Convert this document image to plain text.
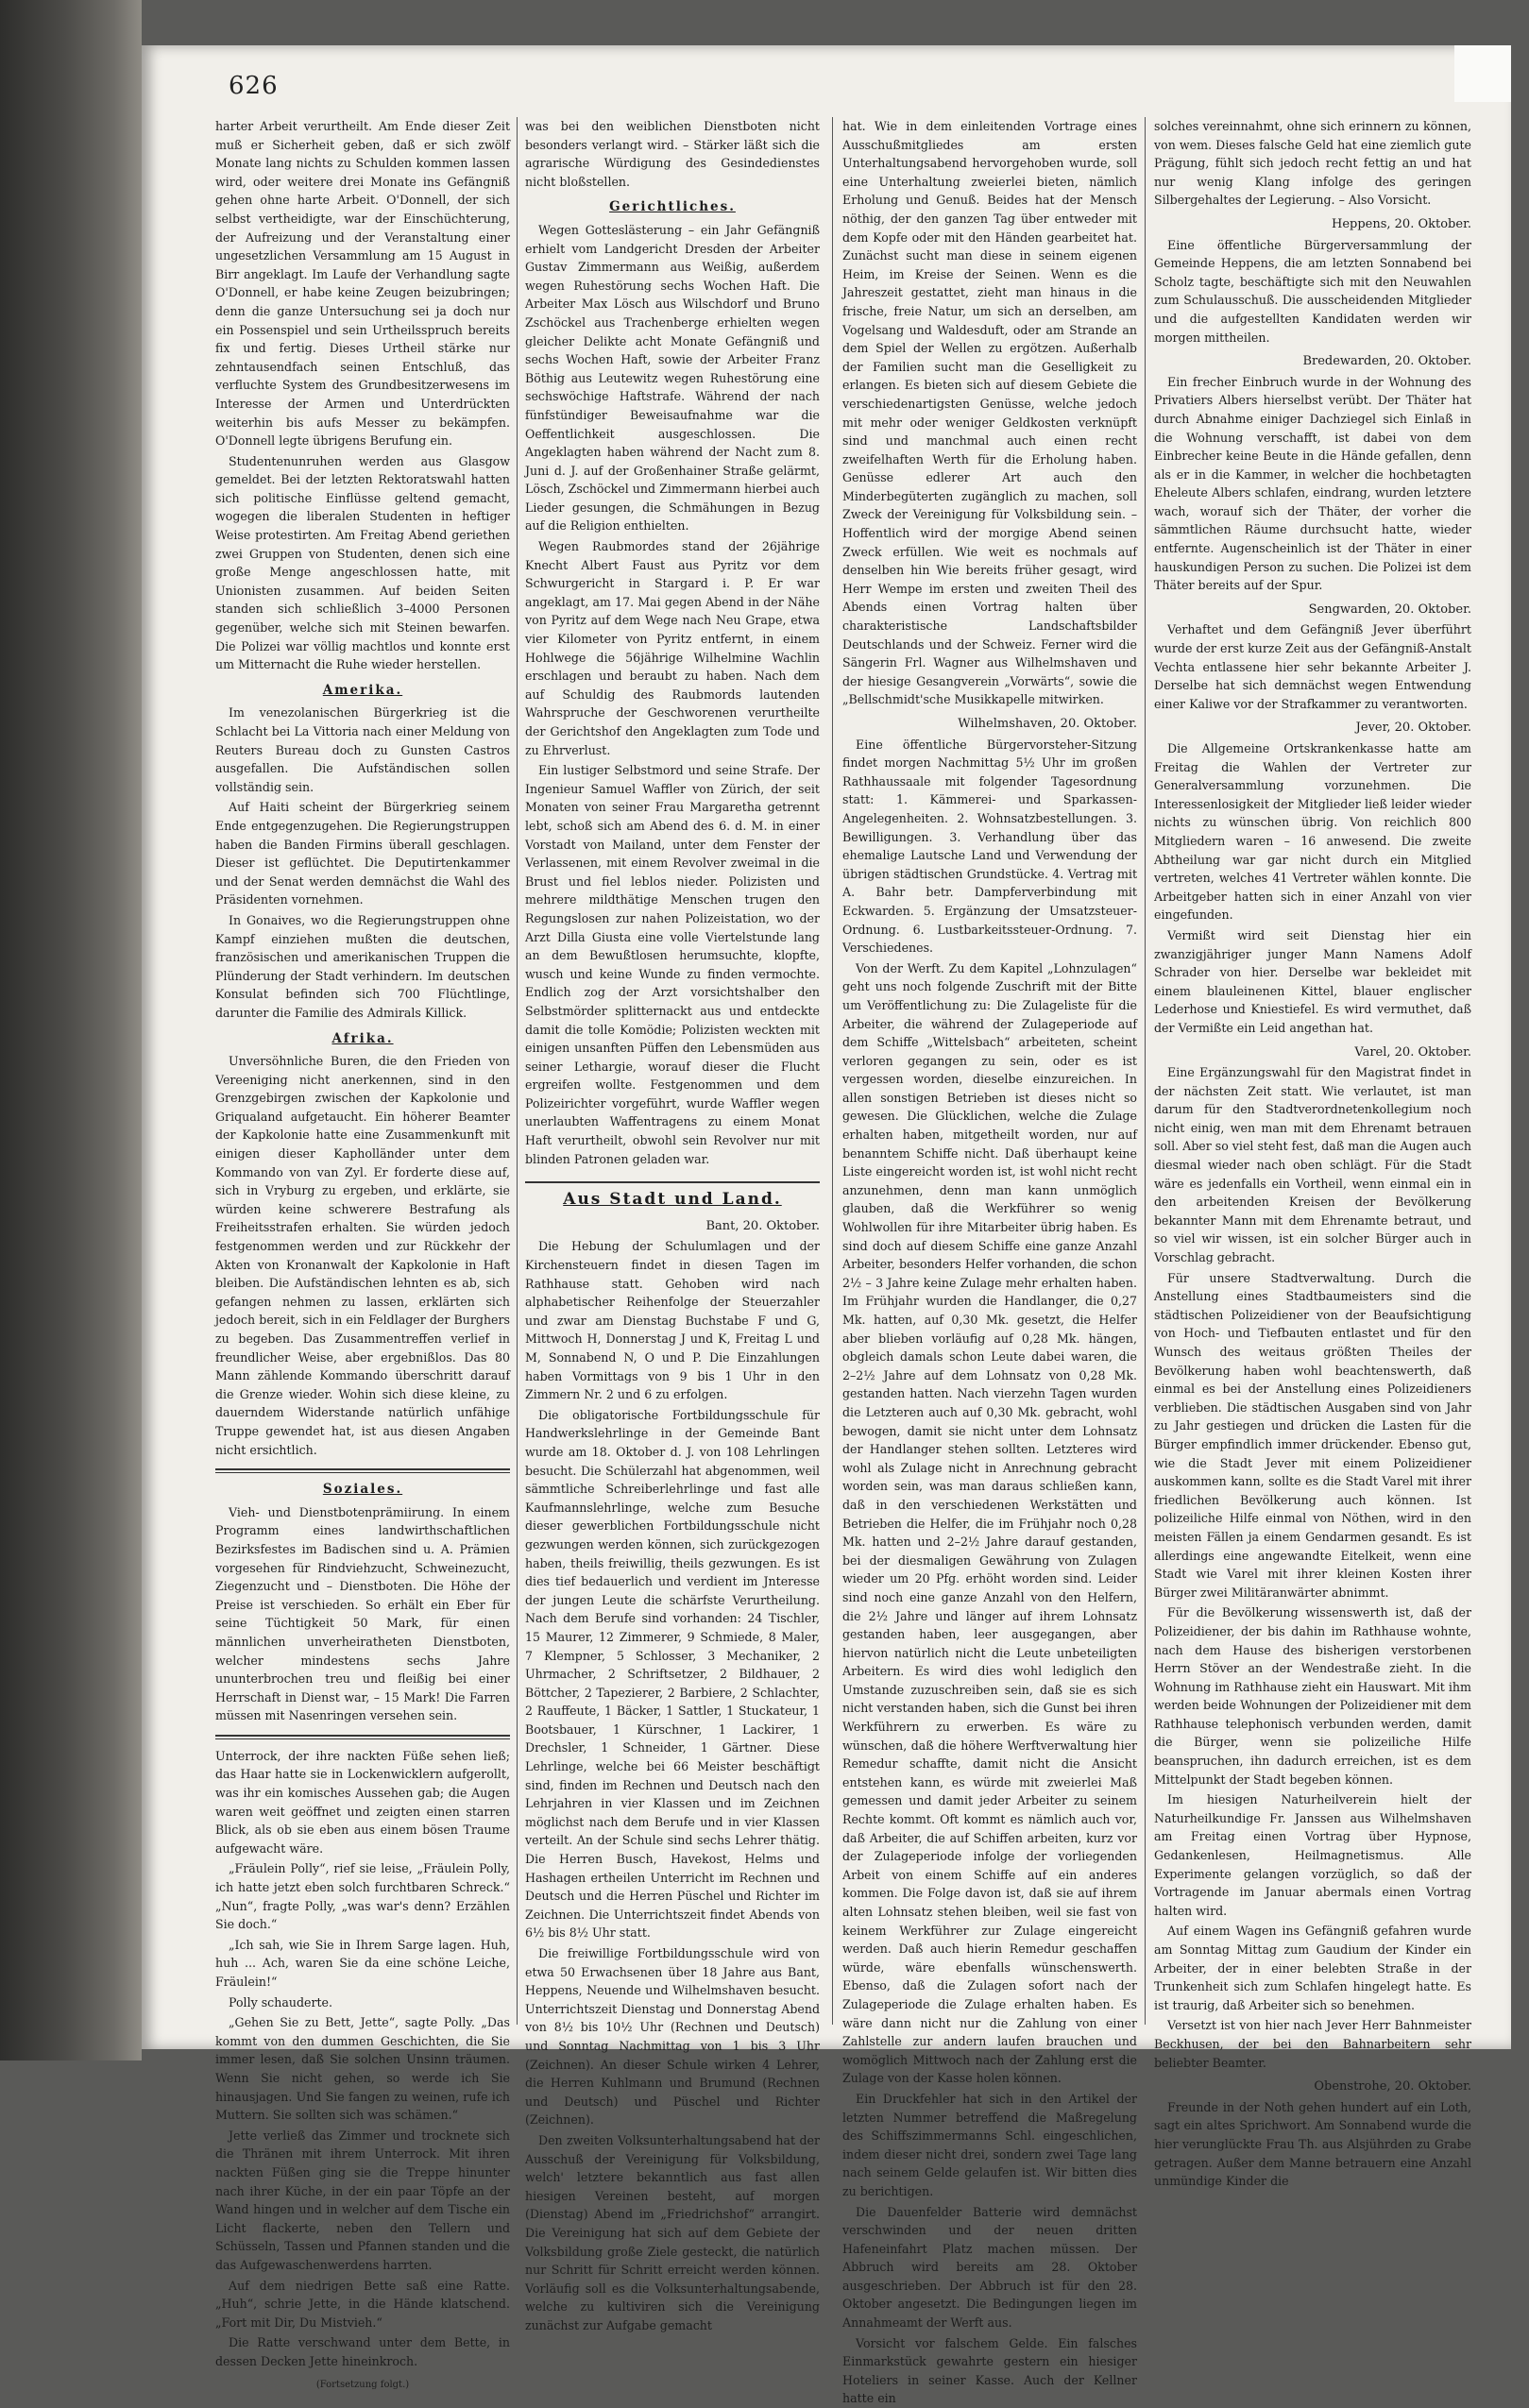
626

harter Arbeit verurtheilt. Am Ende dieser Zeit muß er Sicherheit geben, daß er sich zwölf Monate lang nichts zu Schulden kommen lassen wird, oder weitere drei Monate ins Gefängniß gehen ohne harte Arbeit. O'Donnell, der sich selbst vertheidigte, war der Einschüchterung, der Aufreizung und der Veranstaltung einer ungesetzlichen Versammlung am 15 August in Birr angeklagt. Im Laufe der Verhandlung sagte O'Donnell, er habe keine Zeugen beizubringen; denn die ganze Untersuchung sei ja doch nur ein Possenspiel und sein Urtheilsspruch bereits fix und fertig. Dieses Urtheil stärke nur zehntausendfach seinen Entschluß, das verfluchte System des Grundbesitzerwesens im Interesse der Armen und Unterdrückten weiterhin bis aufs Messer zu bekämpfen. O'Donnell legte übrigens Berufung ein.

Studentenunruhen werden aus Glasgow gemeldet. Bei der letzten Rektoratswahl hatten sich politische Einflüsse geltend gemacht, wogegen die liberalen Studenten in heftiger Weise protestirten. Am Freitag Abend geriethen zwei Gruppen von Studenten, denen sich eine große Menge angeschlossen hatte, mit Unionisten zusammen. Auf beiden Seiten standen sich schließlich 3–4000 Personen gegenüber, welche sich mit Steinen bewarfen. Die Polizei war völlig machtlos und konnte erst um Mitternacht die Ruhe wieder herstellen.

Amerika.

Im venezolanischen Bürgerkrieg ist die Schlacht bei La Vittoria nach einer Meldung von Reuters Bureau doch zu Gunsten Castros ausgefallen. Die Aufständischen sollen vollständig sein.

Auf Haiti scheint der Bürgerkrieg seinem Ende entgegenzugehen. Die Regierungstruppen haben die Banden Firmins überall geschlagen. Dieser ist geflüchtet. Die Deputirtenkammer und der Senat werden demnächst die Wahl des Präsidenten vornehmen.

In Gonaives, wo die Regierungstruppen ohne Kampf einziehen mußten die deutschen, französischen und amerikanischen Truppen die Plünderung der Stadt verhindern. Im deutschen Konsulat befinden sich 700 Flüchtlinge, darunter die Familie des Admirals Killick.

Afrika.

Unversöhnliche Buren, die den Frieden von Vereeniging nicht anerkennen, sind in den Grenzgebirgen zwischen der Kapkolonie und Griqualand aufgetaucht. Ein höherer Beamter der Kapkolonie hatte eine Zusammenkunft mit einigen dieser Kapholländer unter dem Kommando von van Zyl. Er forderte diese auf, sich in Vryburg zu ergeben, und erklärte, sie würden keine schwerere Bestrafung als Freiheitsstrafen erhalten. Sie würden jedoch festgenommen werden und zur Rückkehr der Akten von Kronanwalt der Kapkolonie in Haft bleiben. Die Aufständischen lehnten es ab, sich gefangen nehmen zu lassen, erklärten sich jedoch bereit, sich in ein Feldlager der Burghers zu begeben. Das Zusammentreffen verlief in freundlicher Weise, aber ergebnißlos. Das 80 Mann zählende Kommando überschritt darauf die Grenze wieder. Wohin sich diese kleine, zu dauerndem Widerstande natürlich unfähige Truppe gewendet hat, ist aus diesen Angaben nicht ersichtlich.

Soziales.

Vieh- und Dienstbotenprämiirung. In einem Programm eines landwirthschaftlichen Bezirksfestes im Badischen sind u. A. Prämien vorgesehen für Rindviehzucht, Schweinezucht, Ziegenzucht und – Dienstboten. Die Höhe der Preise ist verschieden. So erhält ein Eber für seine Tüchtigkeit 50 Mark, für einen männlichen unverheiratheten Dienstboten, welcher mindestens sechs Jahre ununterbrochen treu und fleißig bei einer Herrschaft in Dienst war, – 15 Mark! Die Farren müssen mit Nasenringen versehen sein.

Unterrock, der ihre nackten Füße sehen ließ; das Haar hatte sie in Lockenwicklern aufgerollt, was ihr ein komisches Aussehen gab; die Augen waren weit geöffnet und zeigten einen starren Blick, als ob sie eben aus einem bösen Traume aufgewacht wäre.

„Fräulein Polly“, rief sie leise, „Fräulein Polly, ich hatte jetzt eben solch furchtbaren Schreck.“ „Nun“, fragte Polly, „was war's denn? Erzählen Sie doch.“

„Ich sah, wie Sie in Ihrem Sarge lagen. Huh, huh ... Ach, waren Sie da eine schöne Leiche, Fräulein!“

Polly schauderte.

„Gehen Sie zu Bett, Jette“, sagte Polly. „Das kommt von den dummen Geschichten, die Sie immer lesen, daß Sie solchen Unsinn träumen. Wenn Sie nicht gehen, so werde ich Sie hinausjagen. Und Sie fangen zu weinen, rufe ich Muttern. Sie sollten sich was schämen.“

Jette verließ das Zimmer und trocknete sich die Thränen mit ihrem Unterrock. Mit ihren nackten Füßen ging sie die Treppe hinunter nach ihrer Küche, in der ein paar Töpfe an der Wand hingen und in welcher auf dem Tische ein Licht flackerte, neben den Tellern und Schüsseln, Tassen und Pfannen standen und die das Aufgewaschenwerdens harrten.

Auf dem niedrigen Bette saß eine Ratte. „Huh“, schrie Jette, in die Hände klatschend. „Fort mit Dir, Du Mistvieh.“

Die Ratte verschwand unter dem Bette, in dessen Decken Jette hineinkroch.

(Fortsetzung folgt.)

was bei den weiblichen Dienstboten nicht besonders verlangt wird. – Stärker läßt sich die agrarische Würdigung des Gesindedienstes nicht bloßstellen.

Gerichtliches.

Wegen Gotteslästerung – ein Jahr Gefängniß erhielt vom Landgericht Dresden der Arbeiter Gustav Zimmermann aus Weißig, außerdem wegen Ruhestörung sechs Wochen Haft. Die Arbeiter Max Lösch aus Wilschdorf und Bruno Zschöckel aus Trachenberge erhielten wegen gleicher Delikte acht Monate Gefängniß und sechs Wochen Haft, sowie der Arbeiter Franz Böthig aus Leutewitz wegen Ruhestörung eine sechswöchige Haftstrafe. Während der nach fünfstündiger Beweisaufnahme war die Oeffentlichkeit ausgeschlossen. Die Angeklagten haben während der Nacht zum 8. Juni d. J. auf der Großenhainer Straße gelärmt, Lösch, Zschöckel und Zimmermann hierbei auch Lieder gesungen, die Schmähungen in Bezug auf die Religion enthielten.

Wegen Raubmordes stand der 26jährige Knecht Albert Faust aus Pyritz vor dem Schwurgericht in Stargard i. P. Er war angeklagt, am 17. Mai gegen Abend in der Nähe von Pyritz auf dem Wege nach Neu Grape, etwa vier Kilometer von Pyritz entfernt, in einem Hohlwege die 56jährige Wilhelmine Wachlin erschlagen und beraubt zu haben. Nach dem auf Schuldig des Raubmords lautenden Wahrspruche der Geschworenen verurtheilte der Gerichtshof den Angeklagten zum Tode und zu Ehrverlust.

Ein lustiger Selbstmord und seine Strafe. Der Ingenieur Samuel Waffler von Zürich, der seit Monaten von seiner Frau Margaretha getrennt lebt, schoß sich am Abend des 6. d. M. in einer Vorstadt von Mailand, unter dem Fenster der Verlassenen, mit einem Revolver zweimal in die Brust und fiel leblos nieder. Polizisten und mehrere mildthätige Menschen trugen den Regungslosen zur nahen Polizeistation, wo der Arzt Dilla Giusta eine volle Viertelstunde lang an dem Bewußtlosen herumsuchte, klopfte, wusch und keine Wunde zu finden vermochte. Endlich zog der Arzt vorsichtshalber den Selbstmörder splitternackt aus und entdeckte damit die tolle Komödie; Polizisten weckten mit einigen unsanften Püffen den Lebensmüden aus seiner Lethargie, worauf dieser die Flucht ergreifen wollte. Festgenommen und dem Polizeirichter vorgeführt, wurde Waffler wegen unerlaubten Waffentragens zu einem Monat Haft verurtheilt, obwohl sein Revolver nur mit blinden Patronen geladen war.

Aus Stadt und Land.
Bant, 20. Oktober.

Die Hebung der Schulumlagen und der Kirchensteuern findet in diesen Tagen im Rathhause statt. Gehoben wird nach alphabetischer Reihenfolge der Steuerzahler und zwar am Dienstag Buchstabe F und G, Mittwoch H, Donnerstag J und K, Freitag L und M, Sonnabend N, O und P. Die Einzahlungen haben Vormittags von 9 bis 1 Uhr in den Zimmern Nr. 2 und 6 zu erfolgen.

Die obligatorische Fortbildungsschule für Handwerkslehrlinge in der Gemeinde Bant wurde am 18. Oktober d. J. von 108 Lehrlingen besucht. Die Schülerzahl hat abgenommen, weil sämmtliche Schreiberlehrlinge und fast alle Kaufmannslehrlinge, welche zum Besuche dieser gewerblichen Fortbildungsschule nicht gezwungen werden können, sich zurückgezogen haben, theils freiwillig, theils gezwungen. Es ist dies tief bedauerlich und verdient im Jnteresse der jungen Leute die schärfste Verurtheilung. Nach dem Berufe sind vorhanden: 24 Tischler, 15 Maurer, 12 Zimmerer, 9 Schmiede, 8 Maler, 7 Klempner, 5 Schlosser, 3 Mechaniker, 2 Uhrmacher, 2 Schriftsetzer, 2 Bildhauer, 2 Böttcher, 2 Tapezierer, 2 Barbiere, 2 Schlachter, 2 Rauffeute, 1 Bäcker, 1 Sattler, 1 Stuckateur, 1 Bootsbauer, 1 Kürschner, 1 Lackirer, 1 Drechsler, 1 Schneider, 1 Gärtner. Diese Lehrlinge, welche bei 66 Meister beschäftigt sind, finden im Rechnen und Deutsch nach den Lehrjahren in vier Klassen und im Zeichnen möglichst nach dem Berufe und in vier Klassen verteilt. An der Schule sind sechs Lehrer thätig. Die Herren Busch, Havekost, Helms und Hashagen ertheilen Unterricht im Rechnen und Deutsch und die Herren Püschel und Richter im Zeichnen. Die Unterrichtszeit findet Abends von 6½ bis 8½ Uhr statt.

Die freiwillige Fortbildungsschule wird von etwa 50 Erwachsenen über 18 Jahre aus Bant, Heppens, Neuende und Wilhelmshaven besucht. Unterrichtszeit Dienstag und Donnerstag Abend von 8½ bis 10½ Uhr (Rechnen und Deutsch) und Sonntag Nachmittag von 1 bis 3 Uhr (Zeichnen). An dieser Schule wirken 4 Lehrer, die Herren Kuhlmann und Brumund (Rechnen und Deutsch) und Püschel und Richter (Zeichnen).

Den zweiten Volksunterhaltungsabend hat der Ausschuß der Vereinigung für Volksbildung, welch' letztere bekanntlich aus fast allen hiesigen Vereinen besteht, auf morgen (Dienstag) Abend im „Friedrichshof“ arrangirt. Die Vereinigung hat sich auf dem Gebiete der Volksbildung große Ziele gesteckt, die natürlich nur Schritt für Schritt erreicht werden können. Vorläufig soll es die Volksunterhaltungsabende, welche zu kultiviren sich die Vereinigung zunächst zur Aufgabe gemacht

hat. Wie in dem einleitenden Vortrage eines Ausschußmitgliedes am ersten Unterhaltungsabend hervorgehoben wurde, soll eine Unterhaltung zweierlei bieten, nämlich Erholung und Genuß. Beides hat der Mensch nöthig, der den ganzen Tag über entweder mit dem Kopfe oder mit den Händen gearbeitet hat. Zunächst sucht man diese in seinem eigenen Heim, im Kreise der Seinen. Wenn es die Jahreszeit gestattet, zieht man hinaus in die frische, freie Natur, um sich an derselben, am Vogelsang und Waldesduft, oder am Strande an dem Spiel der Wellen zu ergötzen. Außerhalb der Familien sucht man die Geselligkeit zu erlangen. Es bieten sich auf diesem Gebiete die verschiedenartigsten Genüsse, welche jedoch mit mehr oder weniger Geldkosten verknüpft sind und manchmal auch einen recht zweifelhaften Werth für die Erholung haben. Genüsse edlerer Art auch den Minderbegüterten zugänglich zu machen, soll Zweck der Vereinigung für Volksbildung sein. – Hoffentlich wird der morgige Abend seinen Zweck erfüllen. Wie weit es nochmals auf denselben hin Wie bereits früher gesagt, wird Herr Wempe im ersten und zweiten Theil des Abends einen Vortrag halten über charakteristische Landschaftsbilder Deutschlands und der Schweiz. Ferner wird die Sängerin Frl. Wagner aus Wilhelmshaven und der hiesige Gesangverein „Vorwärts“, sowie die „Bellschmidt'sche Musikkapelle mitwirken.

Wilhelmshaven, 20. Oktober.

Eine öffentliche Bürgervorsteher-Sitzung findet morgen Nachmittag 5½ Uhr im großen Rathhaussaale mit folgender Tagesordnung statt: 1. Kämmerei- und Sparkassen-Angelegenheiten. 2. Wohnsatzbestellungen. 3. Bewilligungen. 3. Verhandlung über das ehemalige Lautsche Land und Verwendung der übrigen städtischen Grundstücke. 4. Vertrag mit A. Bahr betr. Dampferverbindung mit Eckwarden. 5. Ergänzung der Umsatzsteuer-Ordnung. 6. Lustbarkeitssteuer-Ordnung. 7. Verschiedenes.

Von der Werft. Zu dem Kapitel „Lohnzulagen“ geht uns noch folgende Zuschrift mit der Bitte um Veröffentlichung zu: Die Zulageliste für die Arbeiter, die während der Zulageperiode auf dem Schiffe „Wittelsbach“ arbeiteten, scheint verloren gegangen zu sein, oder es ist vergessen worden, dieselbe einzureichen. In allen sonstigen Betrieben ist dieses nicht so gewesen. Die Glücklichen, welche die Zulage erhalten haben, mitgetheilt worden, nur auf benanntem Schiffe nicht. Daß überhaupt keine Liste eingereicht worden ist, ist wohl nicht recht anzunehmen, denn man kann unmöglich glauben, daß die Werkführer so wenig Wohlwollen für ihre Mitarbeiter übrig haben. Es sind doch auf diesem Schiffe eine ganze Anzahl Arbeiter, besonders Helfer vorhanden, die schon 2½ – 3 Jahre keine Zulage mehr erhalten haben. Im Frühjahr wurden die Handlanger, die 0,27 Mk. hatten, auf 0,30 Mk. gesetzt, die Helfer aber blieben vorläufig auf 0,28 Mk. hängen, obgleich damals schon Leute dabei waren, die 2–2½ Jahre auf dem Lohnsatz von 0,28 Mk. gestanden hatten. Nach vierzehn Tagen wurden die Letzteren auch auf 0,30 Mk. gebracht, wohl bewogen, damit sie nicht unter dem Lohnsatz der Handlanger stehen sollten. Letzteres wird wohl als Zulage nicht in Anrechnung gebracht worden sein, was man daraus schließen kann, daß in den verschiedenen Werkstätten und Betrieben die Helfer, die im Frühjahr noch 0,28 Mk. hatten und 2–2½ Jahre darauf gestanden, bei der diesmaligen Gewährung von Zulagen wieder um 20 Pfg. erhöht worden sind. Leider sind noch eine ganze Anzahl von den Helfern, die 2½ Jahre und länger auf ihrem Lohnsatz gestanden haben, leer ausgegangen, aber hiervon natürlich nicht die Leute unbeteiligten Arbeitern. Es wird dies wohl lediglich den Umstande zuzuschreiben sein, daß sie es sich nicht verstanden haben, sich die Gunst bei ihren Werkführern zu erwerben. Es wäre zu wünschen, daß die höhere Werftverwaltung hier Remedur schaffte, damit nicht die Ansicht entstehen kann, es würde mit zweierlei Maß gemessen und damit jeder Arbeiter zu seinem Rechte kommt. Oft kommt es nämlich auch vor, daß Arbeiter, die auf Schiffen arbeiten, kurz vor der Zulageperiode infolge der vorliegenden Arbeit von einem Schiffe auf ein anderes kommen. Die Folge davon ist, daß sie auf ihrem alten Lohnsatz stehen bleiben, weil sie fast von keinem Werkführer zur Zulage eingereicht werden. Daß auch hierin Remedur geschaffen würde, wäre ebenfalls wünschenswerth. Ebenso, daß die Zulagen sofort nach der Zulageperiode die Zulage erhalten haben. Es wäre dann nicht nur die Zahlung von einer Zahlstelle zur andern laufen brauchen und womöglich Mittwoch nach der Zahlung erst die Zulage von der Kasse holen können.

Ein Druckfehler hat sich in den Artikel der letzten Nummer betreffend die Maßregelung des Schiffszimmermanns Schl. eingeschlichen, indem dieser nicht drei, sondern zwei Tage lang nach seinem Gelde gelaufen ist. Wir bitten dies zu berichtigen.

Die Dauenfelder Batterie wird demnächst verschwinden und der neuen dritten Hafeneinfahrt Platz machen müssen. Der Abbruch wird bereits am 28. Oktober ausgeschrieben. Der Abbruch ist für den 28. Oktober angesetzt. Die Bedingungen liegen im Annahmeamt der Werft aus.

Vorsicht vor falschem Gelde. Ein falsches Einmarkstück gewahrte gestern ein hiesiger Hoteliers in seiner Kasse. Auch der Kellner hatte ein

solches vereinnahmt, ohne sich erinnern zu können, von wem. Dieses falsche Geld hat eine ziemlich gute Prägung, fühlt sich jedoch recht fettig an und hat nur wenig Klang infolge des geringen Silbergehaltes der Legierung. – Also Vorsicht.

Heppens, 20. Oktober.

Eine öffentliche Bürgerversammlung der Gemeinde Heppens, die am letzten Sonnabend bei Scholz tagte, beschäftigte sich mit den Neuwahlen zum Schulausschuß. Die ausscheidenden Mitglieder und die aufgestellten Kandidaten werden wir morgen mittheilen.

Bredewarden, 20. Oktober.

Ein frecher Einbruch wurde in der Wohnung des Privatiers Albers hierselbst verübt. Der Thäter hat durch Abnahme einiger Dachziegel sich Einlaß in die Wohnung verschafft, ist dabei von dem Einbrecher keine Beute in die Hände gefallen, denn als er in die Kammer, in welcher die hochbetagten Eheleute Albers schlafen, eindrang, wurden letztere wach, worauf sich der Thäter, der vorher die sämmtlichen Räume durchsucht hatte, wieder entfernte. Augenscheinlich ist der Thäter in einer hauskundigen Person zu suchen. Die Polizei ist dem Thäter bereits auf der Spur.

Sengwarden, 20. Oktober.

Verhaftet und dem Gefängniß Jever überführt wurde der erst kurze Zeit aus der Gefängniß-Anstalt Vechta entlassene hier sehr bekannte Arbeiter J. Derselbe hat sich demnächst wegen Entwendung einer Kaliwe vor der Strafkammer zu verantworten.

Jever, 20. Oktober.

Die Allgemeine Ortskrankenkasse hatte am Freitag die Wahlen der Vertreter zur Generalversammlung vorzunehmen. Die Interessenlosigkeit der Mitglieder ließ leider wieder nichts zu wünschen übrig. Von reichlich 800 Mitgliedern waren – 16 anwesend. Die zweite Abtheilung war gar nicht durch ein Mitglied vertreten, welches 41 Vertreter wählen konnte. Die Arbeitgeber hatten sich in einer Anzahl von vier eingefunden.

Vermißt wird seit Dienstag hier ein zwanzigjähriger junger Mann Namens Adolf Schrader von hier. Derselbe war bekleidet mit einem blauleinenen Kittel, blauer englischer Lederhose und Kniestiefel. Es wird vermuthet, daß der Vermißte ein Leid angethan hat.

Varel, 20. Oktober.

Eine Ergänzungswahl für den Magistrat findet in der nächsten Zeit statt. Wie verlautet, ist man darum für den Stadtverordnetenkollegium noch nicht einig, wen man mit dem Ehrenamt betrauen soll. Aber so viel steht fest, daß man die Augen auch diesmal wieder nach oben schlägt. Für die Stadt wäre es jedenfalls ein Vortheil, wenn einmal ein in den arbeitenden Kreisen der Bevölkerung bekannter Mann mit dem Ehrenamte betraut, und so viel wir wissen, ist ein solcher Bürger auch in Vorschlag gebracht.

Für unsere Stadtverwaltung. Durch die Anstellung eines Stadtbaumeisters sind die städtischen Polizeidiener von der Beaufsichtigung von Hoch- und Tiefbauten entlastet und für den Wunsch des weitaus größten Theiles der Bevölkerung haben wohl beachtenswerth, daß einmal es bei der Anstellung eines Polizeidieners verblieben. Die städtischen Ausgaben sind von Jahr zu Jahr gestiegen und drücken die Lasten für die Bürger empfindlich immer drückender. Ebenso gut, wie die Stadt Jever mit einem Polizeidiener auskommen kann, sollte es die Stadt Varel mit ihrer friedlichen Bevölkerung auch können. Ist polizeiliche Hilfe einmal von Nöthen, wird in den meisten Fällen ja einem Gendarmen gesandt. Es ist allerdings eine angewandte Eitelkeit, wenn eine Stadt wie Varel mit ihrer kleinen Kosten ihrer Bürger zwei Militäranwärter abnimmt.

Für die Bevölkerung wissenswerth ist, daß der Polizeidiener, der bis dahin im Rathhause wohnte, nach dem Hause des bisherigen verstorbenen Herrn Stöver an der Wendestraße zieht. In die Wohnung im Rathhause zieht ein Hauswart. Mit ihm werden beide Wohnungen der Polizeidiener mit dem Rathhause telephonisch verbunden werden, damit die Bürger, wenn sie polizeiliche Hilfe beanspruchen, ihn dadurch erreichen, ist es dem Mittelpunkt der Stadt begeben können.

Im hiesigen Naturheilverein hielt der Naturheilkundige Fr. Janssen aus Wilhelmshaven am Freitag einen Vortrag über Hypnose, Gedankenlesen, Heilmagnetismus. Alle Experimente gelangen vorzüglich, so daß der Vortragende im Januar abermals einen Vortrag halten wird.

Auf einem Wagen ins Gefängniß gefahren wurde am Sonntag Mittag zum Gaudium der Kinder ein Arbeiter, der in einer belebten Straße in der Trunkenheit sich zum Schlafen hingelegt hatte. Es ist traurig, daß Arbeiter sich so benehmen.

Versetzt ist von hier nach Jever Herr Bahnmeister Beckhusen, der bei den Bahnarbeitern sehr beliebter Beamter.

Obenstrohe, 20. Oktober.

Freunde in der Noth gehen hundert auf ein Loth, sagt ein altes Sprichwort. Am Sonnabend wurde die hier verunglückte Frau Th. aus Alsjührden zu Grabe getragen. Außer dem Manne betrauern eine Anzahl unmündige Kinder die
